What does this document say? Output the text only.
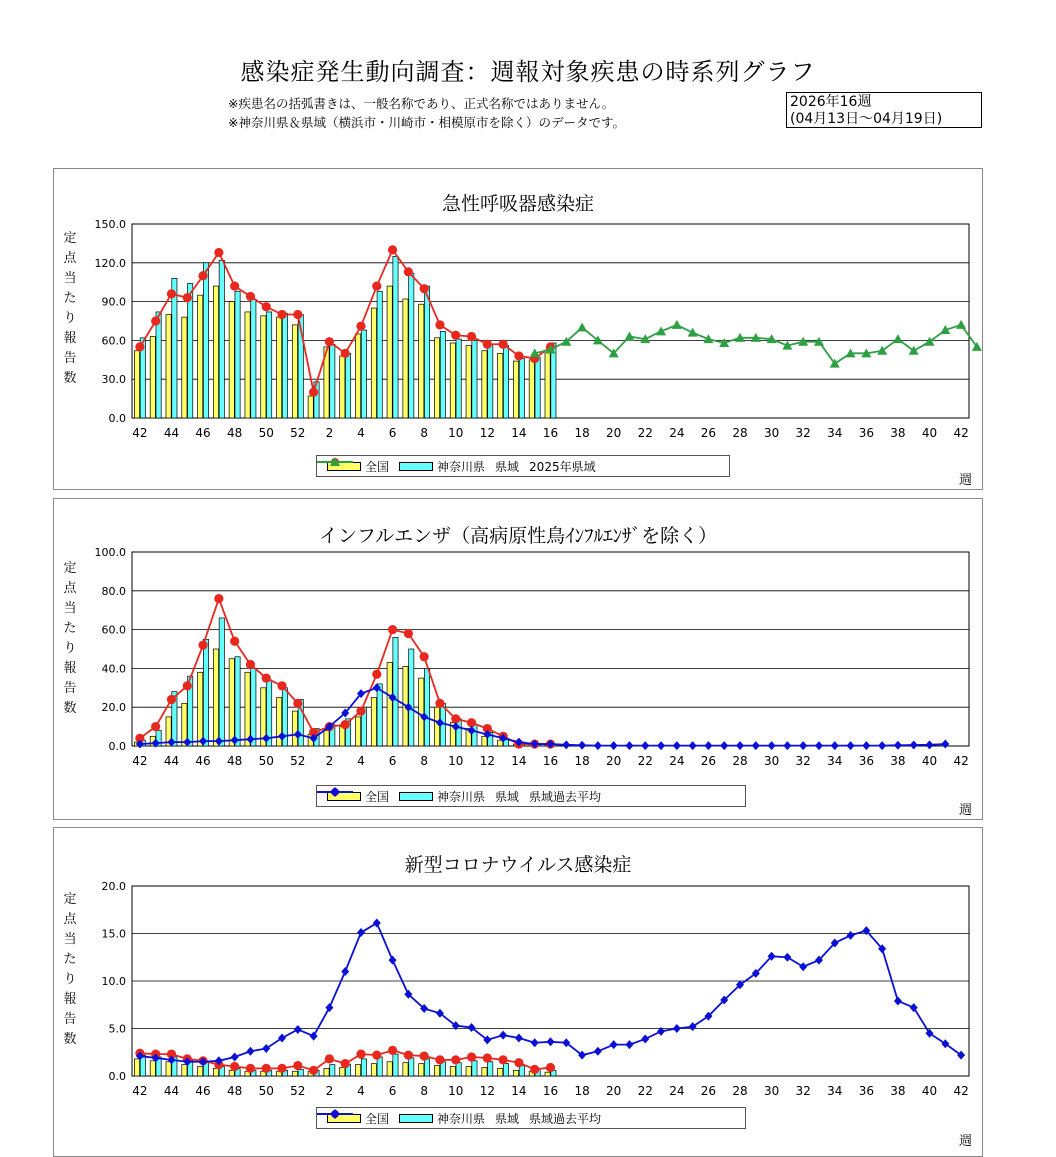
感染症発生動向調査：週報対象疾患の時系列グラフ
※疾患名の括弧書きは、一般名称であり、正式名称ではありません。
※神奈川県＆県域（横浜市・川崎市・相模原市を除く）のデータです。
2026年16週
(04月13日～04月19日)
急性呼吸器感染症
定
点
当
た
り
報
告
数
0.0
30.0
60.0
90.0
120.0
150.0
42 44 46 48 50 52 2 4 6 8 10 12 14 16 18 20 22 24 26 28 30 32 34 36 38 40 42
全国	神奈川県 県域 2025年県域
週
インフルエンザ（高病原性鳥ｲﾝﾌﾙｴﾝｻﾞを除く）
定
点
当
た
り
報
告
数
0.0
20.0
40.0
60.0
80.0
100.0
42 44 46 48 50 52 2 4 6 8 10 12 14 16 18 20 22 24 26 28 30 32 34 36 38 40 42
全国	神奈川県 県域 県域過去平均
週
新型コロナウイルス感染症
定
点
当
た
り
報
告
数
0.0
5.0
10.0
15.0
20.0
42 44 46 48 50 52 2 4 6 8 10 12 14 16 18 20 22 24 26 28 30 32 34 36 38 40 42
全国	神奈川県 県域 県域過去平均
週
